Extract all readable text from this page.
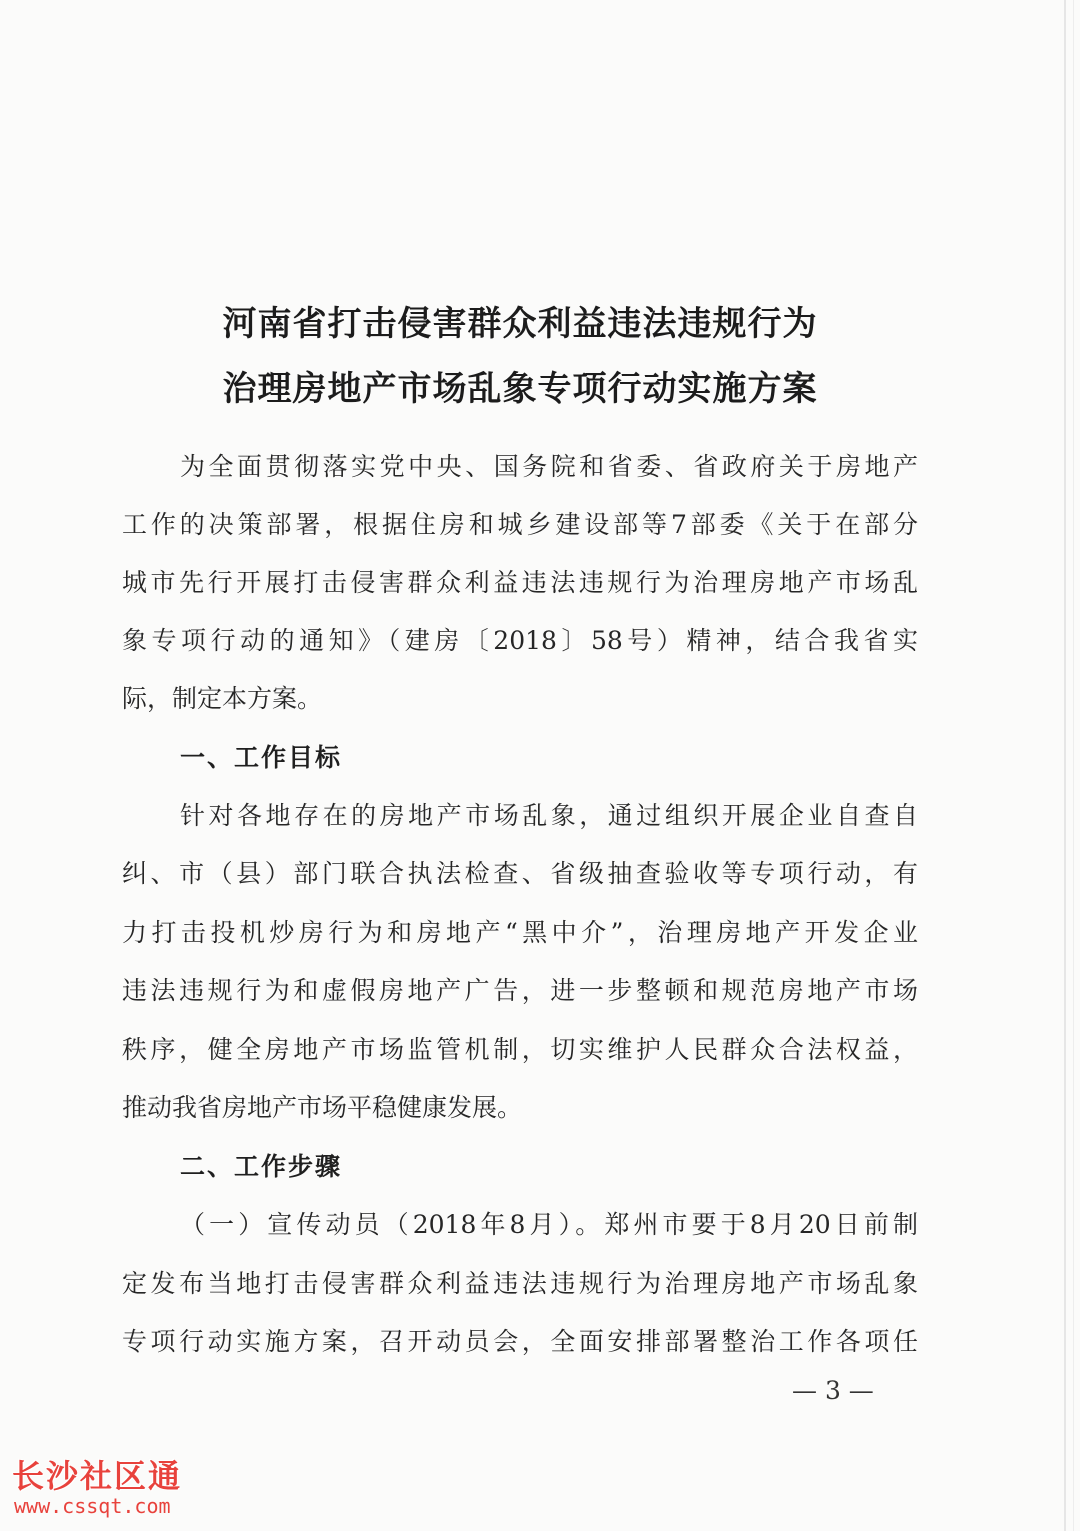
河南省打击侵害群众利益违法违规行为
治理房地产市场乱象专项行动实施方案

为全面贯彻落实党中央、国务院和省委、省政府关于房地产

工作的决策部署，根据住房和城乡建设部等7部委《关于在部分

城市先行开展打击侵害群众利益违法违规行为治理房地产市场乱

象专项行动的通知》（建房〔2018〕58号）精神，结合我省实

际，制定本方案。

一、工作目标

针对各地存在的房地产市场乱象，通过组织开展企业自查自

纠、市（县）部门联合执法检查、省级抽查验收等专项行动，有

力打击投机炒房行为和房地产“黑中介”，治理房地产开发企业

违法违规行为和虚假房地产广告，进一步整顿和规范房地产市场

秩序，健全房地产市场监管机制，切实维护人民群众合法权益，

推动我省房地产市场平稳健康发展。

二、工作步骤

（一）宣传动员（2018年8月）。郑州市要于8月20日前制

定发布当地打击侵害群众利益违法违规行为治理房地产市场乱象

专项行动实施方案，召开动员会，全面安排部署整治工作各项任

— 3 —
长沙社区通
www.cssqt.com
